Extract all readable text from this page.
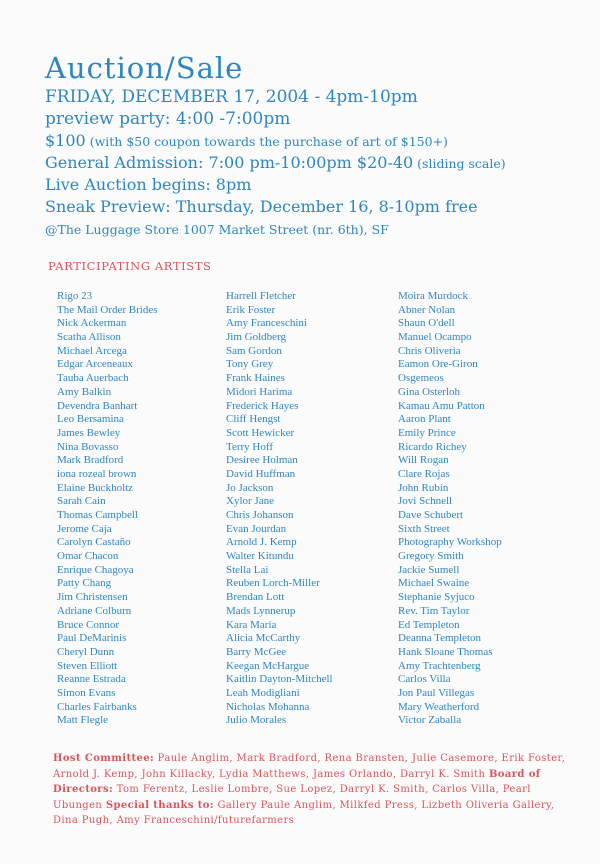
Auction/Sale
FRIDAY, DECEMBER 17, 2004 - 4pm-10pm
preview party: 4:00 -7:00pm
$100 (with $50 coupon towards the purchase of art of $150+)
General Admission: 7:00 pm-10:00pm $20-40 (sliding scale)
Live Auction begins: 8pm
Sneak Preview: Thursday, December 16, 8-10pm free
@The Luggage Store 1007 Market Street (nr. 6th), SF
PARTICIPATING ARTISTS
Rigo 23
The Mail Order Brides
Nick Ackerman
Scatha Allison
Michael Arcega
Edgar Arceneaux
Tauba Auerbach
Amy Balkin
Devendra Banhart
Leo Bersamina
James Bewley
Nina Bovasso
Mark Bradford
iona rozeal brown
Elaine Buckholtz
Sarah Cain
Thomas Campbell
Jerome Caja
Carolyn Castaño
Omar Chacon
Enrique Chagoya
Patty Chang
Jim Christensen
Adriane Colburn
Bruce Connor
Paul DeMarinis
Cheryl Dunn
Steven Elliott
Reanne Estrada
Simon Evans
Charles Fairbanks
Matt Flegle
Harrell Fletcher
Erik Foster
Amy Franceschini
Jim Goldberg
Sam Gordon
Tony Grey
Frank Haines
Midori Harima
Frederick Hayes
Cliff Hengst
Scott Hewicker
Terry Hoff
Desiree Holman
David Huffman
Jo Jackson
Xylor Jane
Chris Johanson
Evan Jourdan
Arnold J. Kemp
Walter Kitundu
Stella Lai
Reuben Lorch-Miller
Brendan Lott
Mads Lynnerup
Kara Maria
Alicia McCarthy
Barry McGee
Keegan McHargue
Kaitlin Dayton-Mitchell
Leah Modigliani
Nicholas Mohanna
Julio Morales
Moira Murdock
Abner Nolan
Shaun O'dell
Manuel Ocampo
Chris Oliveria
Eamon Ore-Giron
Osgemeos
Gina Osterloh
Kamau Amu Patton
Aaron Plant
Emily Prince
Ricardo Richey
Will Rogan
Clare Rojas
John Rubin
Jovi Schnell
Dave Schubert
Sixth Street
Photography Workshop
Gregory Smith
Jackie Sumell
Michael Swaine
Stephanie Syjuco
Rev. Tim Taylor
Ed Templeton
Deanna Templeton
Hank Sloane Thomas
Amy Trachtenberg
Carlos Villa
Jon Paul Villegas
Mary Weatherford
Victor Zaballa
Host Committee: Paule Anglim, Mark Bradford, Rena Bransten, Julie Casemore, Erik Foster, Arnold J. Kemp, John Killacky, Lydia Matthews, James Orlando, Darryl K. Smith Board of Directors: Tom Ferentz, Leslie Lombre, Sue Lopez, Darryl K. Smith, Carlos Villa, Pearl Ubungen Special thanks to: Gallery Paule Anglim, Milkfed Press, Lizbeth Oliveria Gallery, Dina Pugh, Amy Franceschini/futurefarmers
